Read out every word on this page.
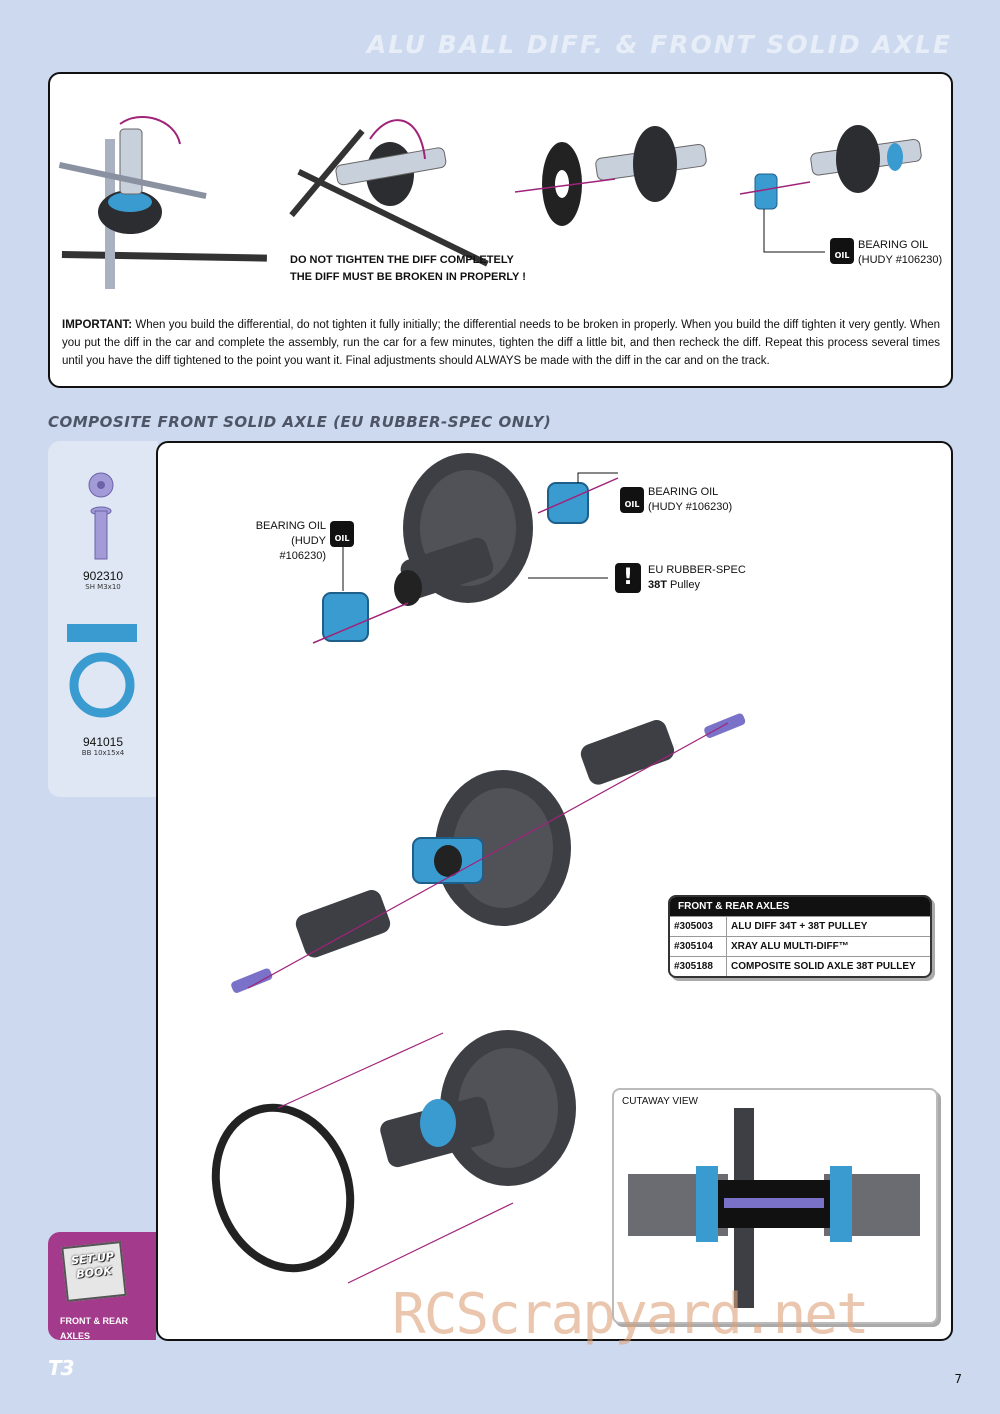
ALU BALL DIFF. & FRONT SOLID AXLE
DO NOT TIGHTEN THE DIFF COMPLETELY
THE DIFF MUST BE BROKEN IN PROPERLY !
OIL
BEARING OIL
(HUDY #106230)
IMPORTANT: When you build the differential, do not tighten it fully initially; the differential needs to be broken in properly. When you build the diff tighten it very gently. When you put the diff in the car and complete the assembly, run the car for a few minutes, tighten the diff a little bit, and then recheck the diff. Repeat this process several times until you have the diff tightened to the point you want it. Final adjustments should ALWAYS be made with the diff in the car and on the track.
COMPOSITE FRONT SOLID AXLE (EU RUBBER-SPEC ONLY)
902310
SH M3x10
941015
BB 10x15x4
OIL
BEARING OIL
(HUDY #106230)
OIL
BEARING OIL
(HUDY #106230)
!	EU RUBBER-SPEC
38T Pulley
FRONT & REAR AXLES	
#305003	ALU DIFF 34T + 38T PULLEY
#305104	XRAY ALU MULTI-DIFF™
#305188	COMPOSITE SOLID AXLE 38T PULLEY
CUTAWAY VIEW
SET-UP
BOOK
FRONT & REAR AXLES
T3	7
RCScrapyard.net
